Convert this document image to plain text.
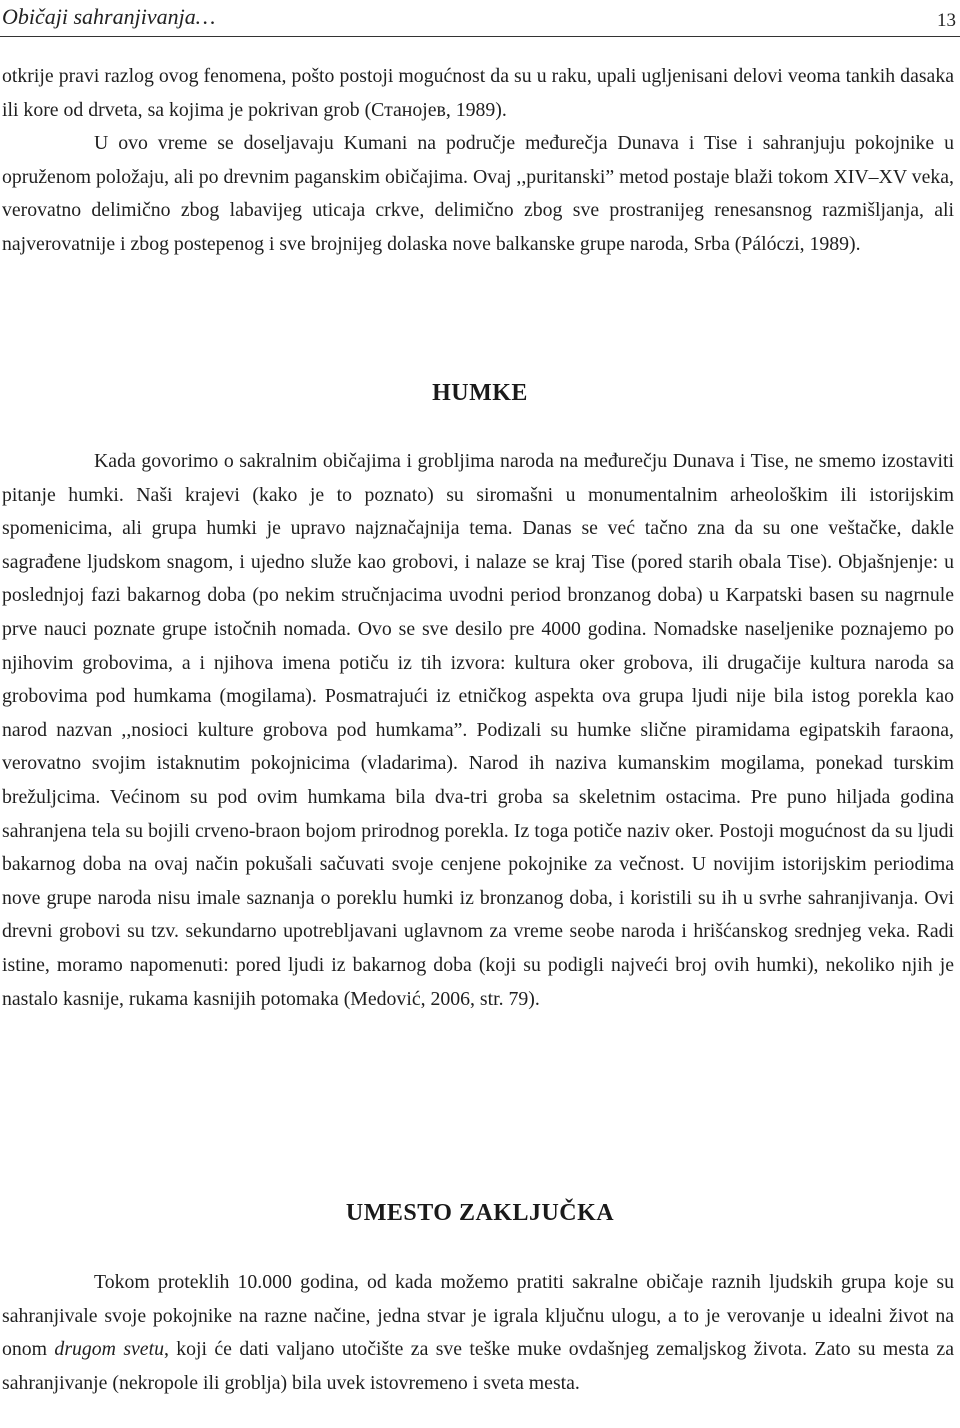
Običaji sahranjivanja…	13

otkrije pravi razlog ovog fenomena, pošto postoji mogućnost da su u raku, upali ugljenisani delovi veoma tankih dasaka ili kore od drveta, sa kojima je pokrivan grob (Станојев, 1989).

U ovo vreme se doseljavaju Kumani na područje međurečja Dunava i Tise i sahranjuju pokojnike u opruženom položaju, ali po drevnim paganskim običajima. Ovaj ,,puritanski” metod postaje blaži tokom XIV–XV veka, verovatno delimično zbog labavijeg uticaja crkve, delimično zbog sve prostranijeg renesansnog razmišljanja, ali najverovatnije i zbog postepenog i sve brojnijeg dolaska nove balkanske grupe naroda, Srba (Pálóczi, 1989).

HUMKE

Kada govorimo o sakralnim običajima i grobljima naroda na međurečju Dunava i Tise, ne smemo izostaviti pitanje humki. Naši krajevi (kako je to poznato) su siromašni u monumentalnim arheološkim ili istorijskim spomenicima, ali grupa humki je upravo najznačajnija tema. Danas se već tačno zna da su one veštačke, dakle sagrađene ljudskom snagom, i ujedno služe kao grobovi, i nalaze se kraj Tise (pored starih obala Tise). Objašnjenje: u poslednjoj fazi bakarnog doba (po nekim stručnjacima uvodni period bronzanog doba) u Karpatski basen su nagrnule prve nauci poznate grupe istočnih nomada. Ovo se sve desilo pre 4000 godina. Nomadske naseljenike poznajemo po njihovim grobovima, a i njihova imena potiču iz tih izvora: kultura oker grobova, ili drugačije kultura naroda sa grobovima pod humkama (mogilama). Posmatrajući iz etničkog aspekta ova grupa ljudi nije bila istog porekla kao narod nazvan ,,nosioci kulture grobova pod humkama”. Podizali su humke slične piramidama egipatskih faraona, verovatno svojim istaknutim pokojnicima (vladarima). Narod ih naziva kumanskim mogilama, ponekad turskim brežuljcima. Većinom su pod ovim humkama bila dva-tri groba sa skeletnim ostacima. Pre puno hiljada godina sahranjena tela su bojili crveno-braon bojom prirodnog porekla. Iz toga potiče naziv oker. Postoji mogućnost da su ljudi bakarnog doba na ovaj način pokušali sačuvati svoje cenjene pokojnike za večnost. U novijim istorijskim periodima nove grupe naroda nisu imale saznanja o poreklu humki iz bronzanog doba, i koristili su ih u svrhe sahranjivanja. Ovi drevni grobovi su tzv. sekundarno upotrebljavani uglavnom za vreme seobe naroda i hrišćanskog srednjeg veka. Radi istine, moramo napomenuti: pored ljudi iz bakarnog doba (koji su podigli najveći broj ovih humki), nekoliko njih je nastalo kasnije, rukama kasnijih potomaka (Medović, 2006, str. 79).

UMESTO ZAKLJUČKA

Tokom proteklih 10.000 godina, od kada možemo pratiti sakralne običaje raznih ljudskih grupa koje su sahranjivale svoje pokojnike na razne načine, jedna stvar je igrala ključnu ulogu, a to je verovanje u idealni život na onom drugom svetu, koji će dati valjano utočište za sve teške muke ovdašnjeg zemaljskog života. Zato su mesta za sahranjivanje (nekropole ili groblja) bila uvek istovremeno i sveta mesta.
